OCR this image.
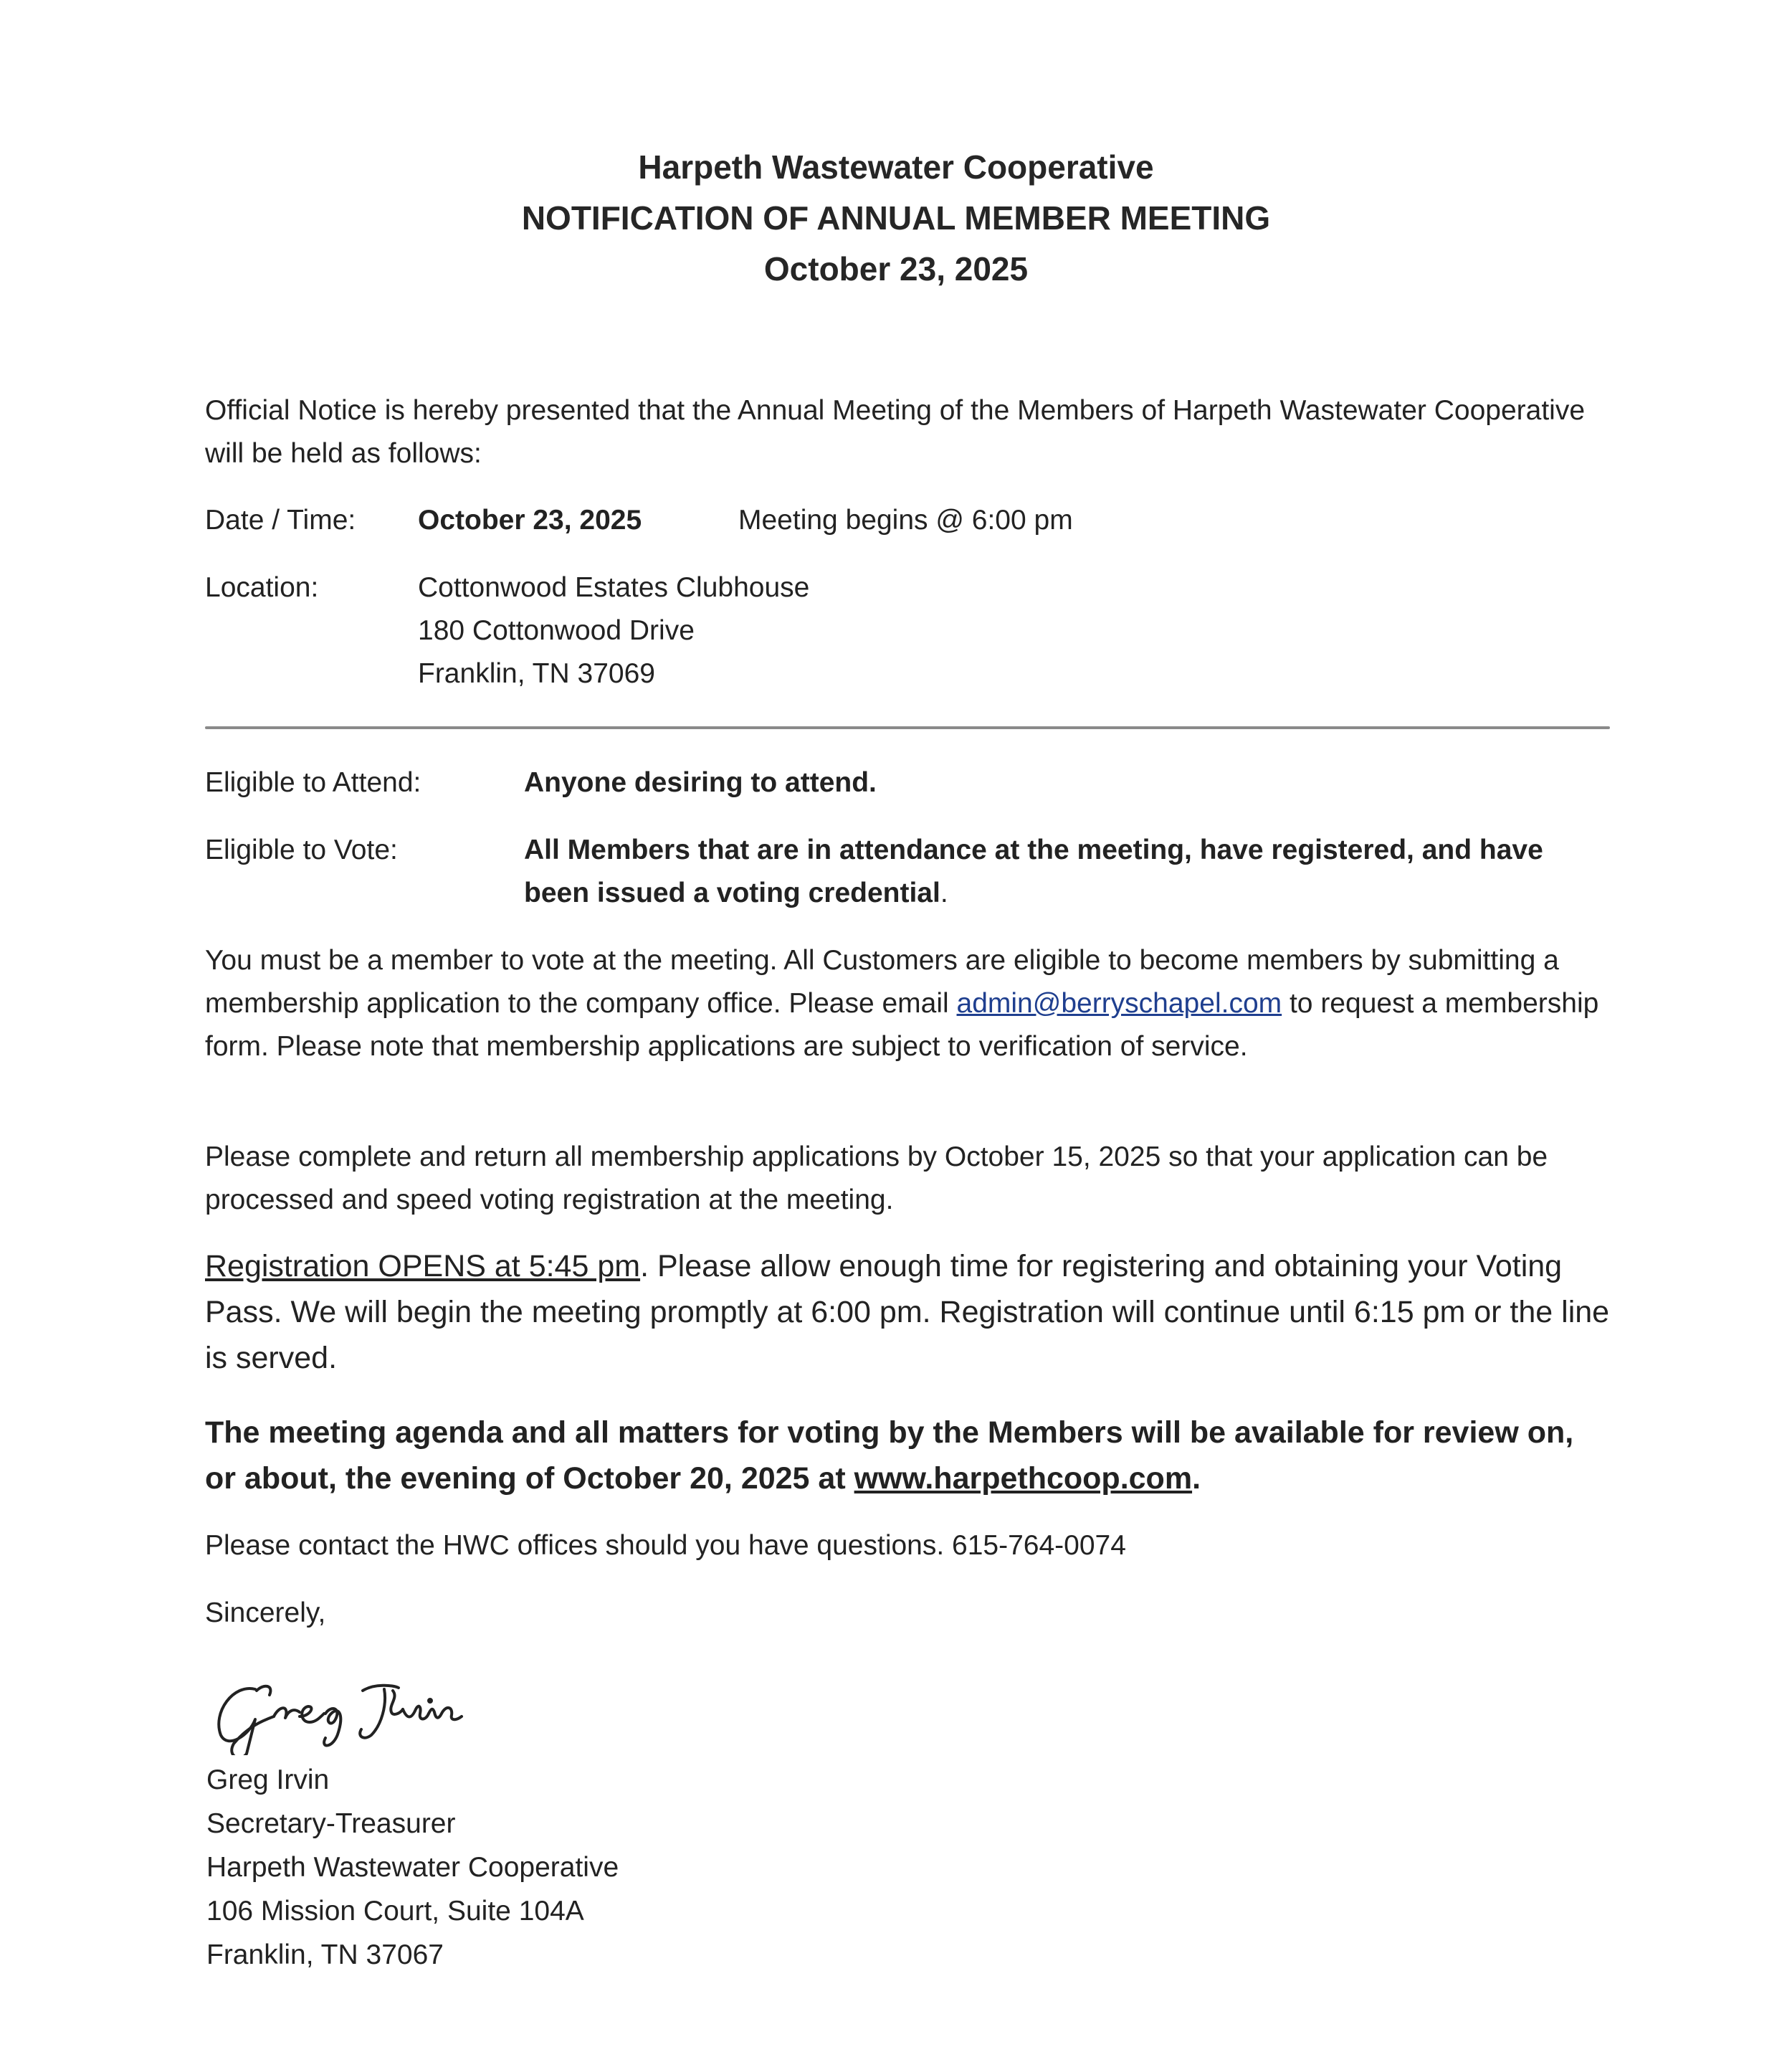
Harpeth Wastewater Cooperative
NOTIFICATION OF ANNUAL MEMBER MEETING
October 23, 2025
Official Notice is hereby presented that the Annual Meeting of the Members of Harpeth Wastewater Cooperative will be held as follows:
Date / Time: October 23, 2025	Meeting begins @ 6:00 pm
Location:	Cottonwood Estates Clubhouse
180 Cottonwood Drive
Franklin, TN 37069
Eligible to Attend:	Anyone desiring to attend.
Eligible to Vote:	All Members that are in attendance at the meeting, have registered, and have
been issued a voting credential.
You must be a member to vote at the meeting. All Customers are eligible to become members by submitting a membership application to the company office. Please email admin@berryschapel.com to request a membership form. Please note that membership applications are subject to verification of service.
Please complete and return all membership applications by October 15, 2025 so that your application can be processed and speed voting registration at the meeting.
Registration OPENS at 5:45 pm. Please allow enough time for registering and obtaining your Voting Pass. We will begin the meeting promptly at 6:00 pm. Registration will continue until 6:15 pm or the line is served.
The meeting agenda and all matters for voting by the Members will be available for review on, or about, the evening of October 20, 2025 at www.harpethcoop.com.
Please contact the HWC offices should you have questions. 615-764-0074
Sincerely,
Greg Irvin
Secretary-Treasurer
Harpeth Wastewater Cooperative
106 Mission Court, Suite 104A
Franklin, TN 37067
